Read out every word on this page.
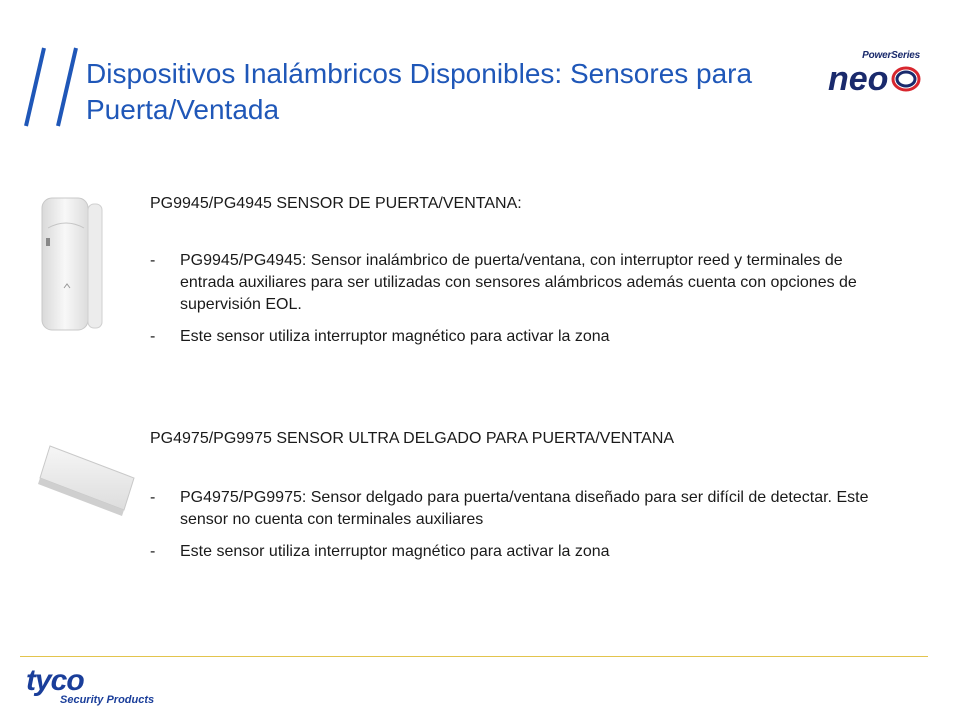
Dispositivos Inalámbricos Disponibles: Sensores para Puerta/Ventada
PowerSeries
neo

PG9945/PG4945 SENSOR DE PUERTA/VENTANA:

- PG9945/PG4945: Sensor inalámbrico de puerta/ventana, con interruptor reed y terminales de entrada auxiliares para ser utilizadas con sensores alámbricos además cuenta con opciones de supervisión EOL.
- Este sensor utiliza interruptor magnético para activar la zona

PG4975/PG9975 SENSOR ULTRA DELGADO PARA PUERTA/VENTANA

- PG4975/PG9975: Sensor delgado para puerta/ventana diseñado para ser difícil de detectar. Este sensor no cuenta con terminales auxiliares
- Este sensor utiliza interruptor magnético para activar la zona
tyco
Security Products
